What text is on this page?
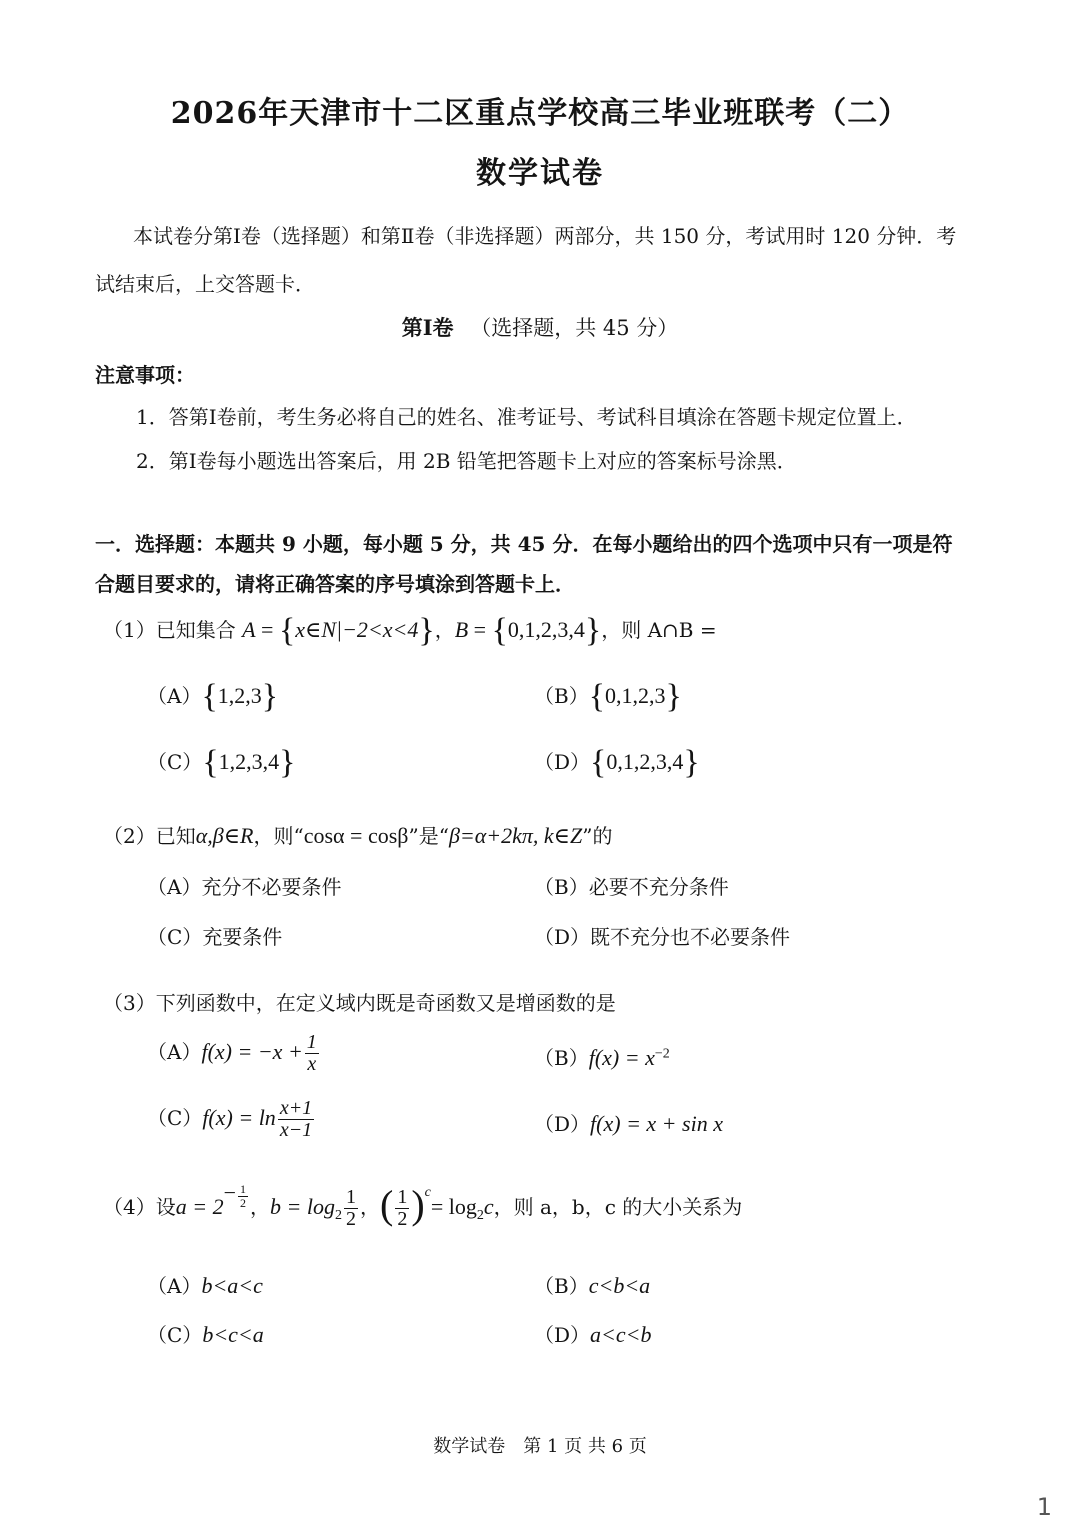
2026年天津市十二区重点学校高三毕业班联考（二）
数学试卷
本试卷分第Ⅰ卷（选择题）和第Ⅱ卷（非选择题）两部分，共 150 分，考试用时 120 分钟．考
试结束后，上交答题卡．
第Ⅰ卷 （选择题，共 45 分）
注意事项：
1．答第Ⅰ卷前，考生务必将自己的姓名、准考证号、考试科目填涂在答题卡规定位置上．
2．第Ⅰ卷每小题选出答案后，用 2B 铅笔把答题卡上对应的答案标号涂黑．
一．选择题：本题共 9 小题，每小题 5 分，共 45 分．在每小题给出的四个选项中只有一项是符
合题目要求的，请将正确答案的序号填涂到答题卡上．
（1）已知集合 A = {x∈N|−2<x<4}，B = {0,1,2,3,4}，则 A∩B =
（A）{1,2,3}	（B）{0,1,2,3}
（C）{1,2,3,4}	（D）{0,1,2,3,4}
（2）已知α,β∈R，则“cosα = cosβ”是“β=α+2kπ, k∈Z”的
（A）充分不必要条件	（B）必要不充分条件
（C）充要条件	（D）既不充分也不必要条件
（3）下列函数中，在定义域内既是奇函数又是增函数的是
$(A)f(x) = -x + \frac{1}{x}$	$(B)f(x) = x^{-2}$
$(C)f(x) = \ln \frac{x+1}{x-1}$	（D）f(x) = x + sin x
（4）设$a = 2^{- \frac{1}{2}}$ ，$b = \log_2 \frac{1}{2}$ ，( $\frac{1}{2} )^c= \log_2c$，则 a，b，c 的大小关系为
（A）b<a<c	（B）c<b<a
（C）b<c<a	（D）a<c<b
数学试卷　第 1 页 共 6 页
1
